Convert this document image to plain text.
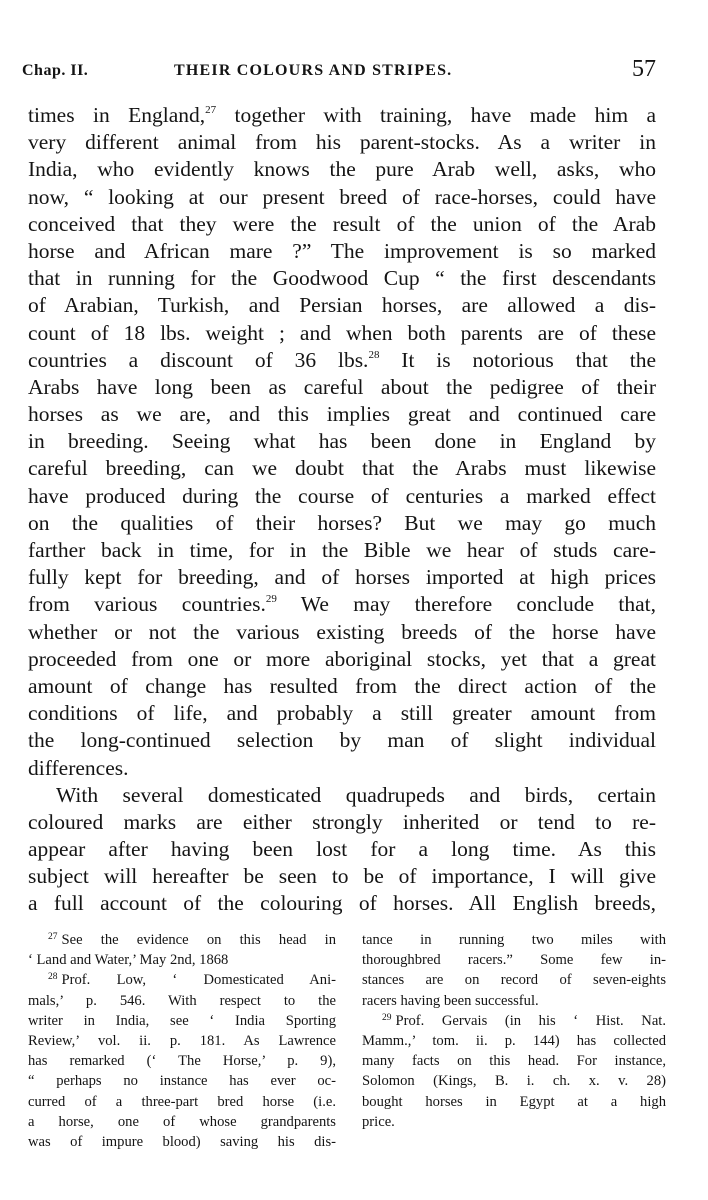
Chap. II.	THEIR COLOURS AND STRIPES.	57
times in England,$^{27}$ together with training, have made him a
very different animal from his parent-stocks. As a writer in
India, who evidently knows the pure Arab well, asks, who
now, “ looking at our present breed of race-horses, could have
conceived that they were the result of the union of the Arab
horse and African mare ?” The improvement is so marked
that in running for the Goodwood Cup “ the first descendants
of Arabian, Turkish, and Persian horses, are allowed a dis-
count of 18 lbs. weight ; and when both parents are of these
countries a discount of 36 lbs.$^{28}$ It is notorious that the
Arabs have long been as careful about the pedigree of their
horses as we are, and this implies great and continued care
in breeding. Seeing what has been done in England by
careful breeding, can we doubt that the Arabs must likewise
have produced during the course of centuries a marked effect
on the qualities of their horses? But we may go much
farther back in time, for in the Bible we hear of studs care-
fully kept for breeding, and of horses imported at high prices
from various countries.$^{29}$ We may therefore conclude that,
whether or not the various existing breeds of the horse have
proceeded from one or more aboriginal stocks, yet that a great
amount of change has resulted from the direct action of the
conditions of life, and probably a still greater amount from
the long-continued selection by man of slight individual
differences.
With several domesticated quadrupeds and birds, certain
coloured marks are either strongly inherited or tend to re-
appear after having been lost for a long time. As this
subject will hereafter be seen to be of importance, I will give
a full account of the colouring of horses. All English breeds,
$^{27}$ See the evidence on this head in
‘ Land and Water,’ May 2nd, 1868
$^{28}$ Prof. Low, ‘ Domesticated Ani-
mals,’ p. 546. With respect to the
writer in India, see ‘ India Sporting
Review,’ vol. ii. p. 181. As Lawrence
has remarked (‘ The Horse,’ p. 9),
“ perhaps no instance has ever oc-
curred of a three-part bred horse (i.e.
a horse, one of whose grandparents
was of impure blood) saving his dis-
tance in running two miles with
thoroughbred racers.” Some few in-
stances are on record of seven-eights
racers having been successful.
$^{29}$ Prof. Gervais (in his ‘ Hist. Nat.
Mamm.,’ tom. ii. p. 144) has collected
many facts on this head. For instance,
Solomon (Kings, B. i. ch. x. v. 28)
bought horses in Egypt at a high
price.
